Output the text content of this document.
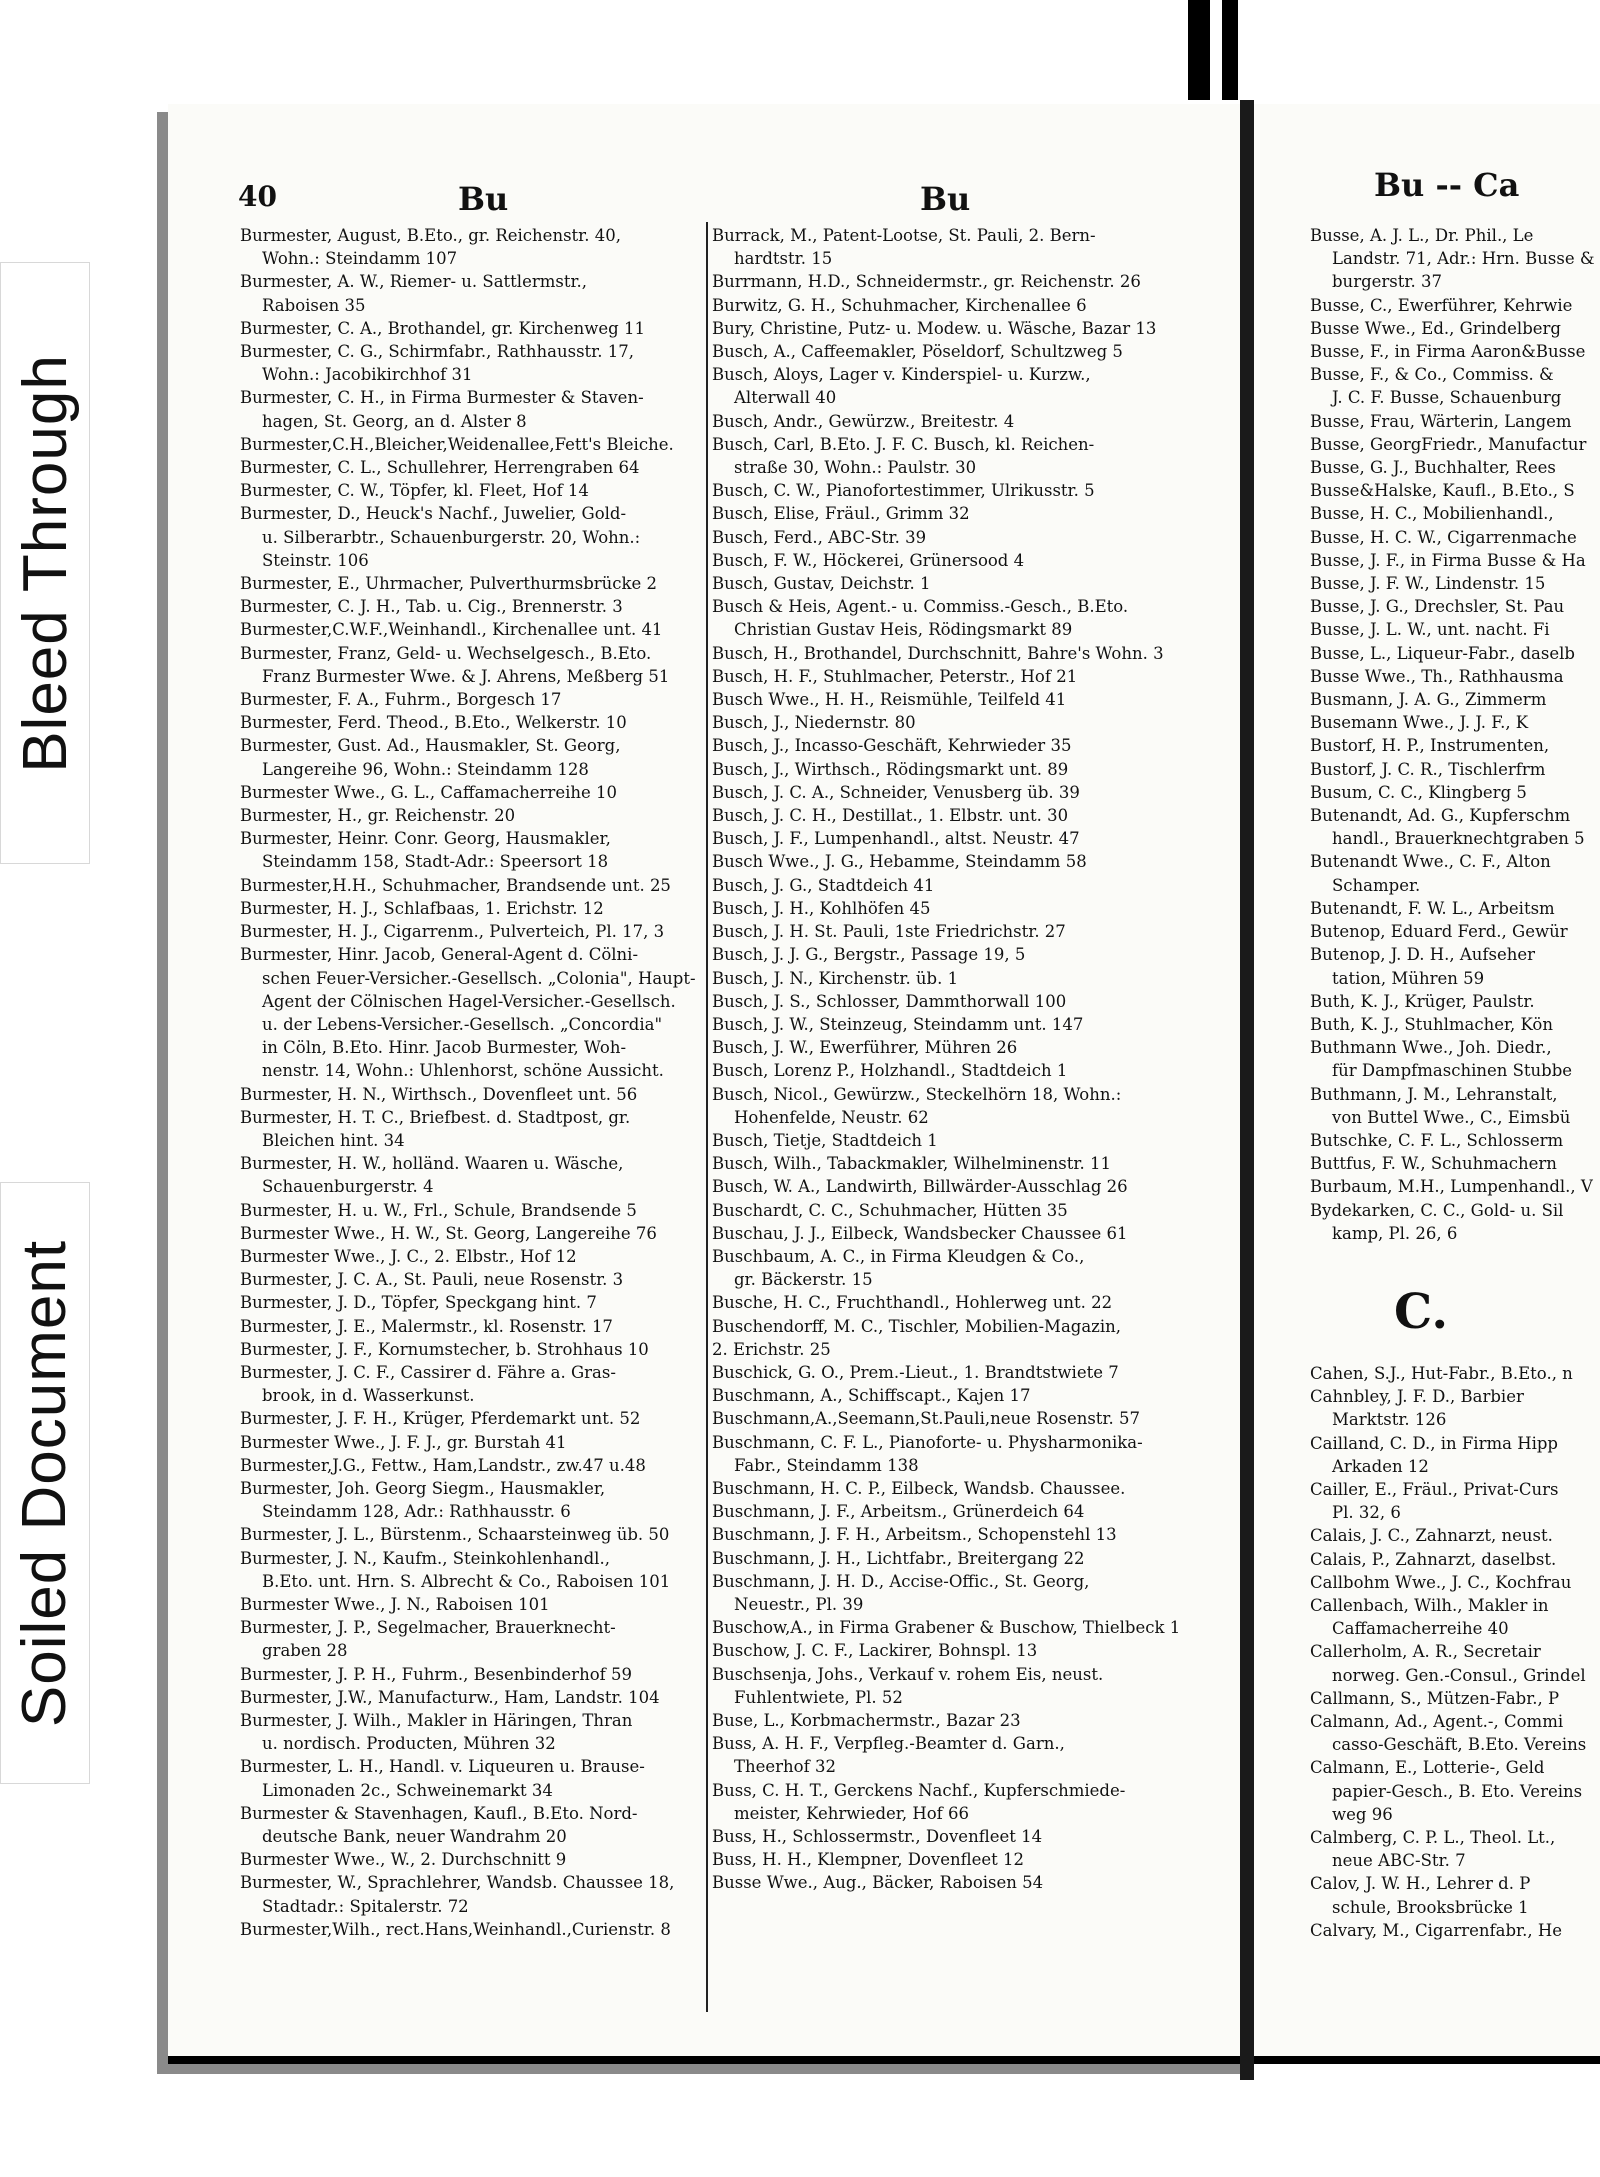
Bleed Through
Soiled Document
40	Bu	Bu
Burmester, August, B.Eto., gr. Reichenstr. 40,
Wohn.: Steindamm 107
Burmester, A. W., Riemer- u. Sattlermstr.,
Raboisen 35
Burmester, C. A., Brothandel, gr. Kirchenweg 11
Burmester, C. G., Schirmfabr., Rathhausstr. 17,
Wohn.: Jacobikirchhof 31
Burmester, C. H., in Firma Burmester & Staven-
hagen, St. Georg, an d. Alster 8
Burmester,C.H.,Bleicher,Weidenallee,Fett's Bleiche.
Burmester, C. L., Schullehrer, Herrengraben 64
Burmester, C. W., Töpfer, kl. Fleet, Hof 14
Burmester, D., Heuck's Nachf., Juwelier, Gold-
u. Silberarbtr., Schauenburgerstr. 20, Wohn.:
Steinstr. 106
Burmester, E., Uhrmacher, Pulverthurmsbrücke 2
Burmester, C. J. H., Tab. u. Cig., Brennerstr. 3
Burmester,C.W.F.,Weinhandl., Kirchenallee unt. 41
Burmester, Franz, Geld- u. Wechselgesch., B.Eto.
Franz Burmester Wwe. & J. Ahrens, Meßberg 51
Burmester, F. A., Fuhrm., Borgesch 17
Burmester, Ferd. Theod., B.Eto., Welkerstr. 10
Burmester, Gust. Ad., Hausmakler, St. Georg,
Langereihe 96, Wohn.: Steindamm 128
Burmester Wwe., G. L., Caffamacherreihe 10
Burmester, H., gr. Reichenstr. 20
Burmester, Heinr. Conr. Georg, Hausmakler,
Steindamm 158, Stadt-Adr.: Speersort 18
Burmester,H.H., Schuhmacher, Brandsende unt. 25
Burmester, H. J., Schlafbaas, 1. Erichstr. 12
Burmester, H. J., Cigarrenm., Pulverteich, Pl. 17, 3
Burmester, Hinr. Jacob, General-Agent d. Cölni-
schen Feuer-Versicher.-Gesellsch. „Colonia", Haupt-
Agent der Cölnischen Hagel-Versicher.-Gesellsch.
u. der Lebens-Versicher.-Gesellsch. „Concordia"
in Cöln, B.Eto. Hinr. Jacob Burmester, Woh-
nenstr. 14, Wohn.: Uhlenhorst, schöne Aussicht.
Burmester, H. N., Wirthsch., Dovenfleet unt. 56
Burmester, H. T. C., Briefbest. d. Stadtpost, gr.
Bleichen hint. 34
Burmester, H. W., holländ. Waaren u. Wäsche,
Schauenburgerstr. 4
Burmester, H. u. W., Frl., Schule, Brandsende 5
Burmester Wwe., H. W., St. Georg, Langereihe 76
Burmester Wwe., J. C., 2. Elbstr., Hof 12
Burmester, J. C. A., St. Pauli, neue Rosenstr. 3
Burmester, J. D., Töpfer, Speckgang hint. 7
Burmester, J. E., Malermstr., kl. Rosenstr. 17
Burmester, J. F., Kornumstecher, b. Strohhaus 10
Burmester, J. C. F., Cassirer d. Fähre a. Gras-
brook, in d. Wasserkunst.
Burmester, J. F. H., Krüger, Pferdemarkt unt. 52
Burmester Wwe., J. F. J., gr. Burstah 41
Burmester,J.G., Fettw., Ham,Landstr., zw.47 u.48
Burmester, Joh. Georg Siegm., Hausmakler,
Steindamm 128, Adr.: Rathhausstr. 6
Burmester, J. L., Bürstenm., Schaarsteinweg üb. 50
Burmester, J. N., Kaufm., Steinkohlenhandl.,
B.Eto. unt. Hrn. S. Albrecht & Co., Raboisen 101
Burmester Wwe., J. N., Raboisen 101
Burmester, J. P., Segelmacher, Brauerknecht-
graben 28
Burmester, J. P. H., Fuhrm., Besenbinderhof 59
Burmester, J.W., Manufacturw., Ham, Landstr. 104
Burmester, J. Wilh., Makler in Häringen, Thran
u. nordisch. Producten, Mühren 32
Burmester, L. H., Handl. v. Liqueuren u. Brause-
Limonaden 2c., Schweinemarkt 34
Burmester & Stavenhagen, Kaufl., B.Eto. Nord-
deutsche Bank, neuer Wandrahm 20
Burmester Wwe., W., 2. Durchschnitt 9
Burmester, W., Sprachlehrer, Wandsb. Chaussee 18,
Stadtadr.: Spitalerstr. 72
Burmester,Wilh., rect.Hans,Weinhandl.,Curienstr. 8
Burrack, M., Patent-Lootse, St. Pauli, 2. Bern-
hardtstr. 15
Burrmann, H.D., Schneidermstr., gr. Reichenstr. 26
Burwitz, G. H., Schuhmacher, Kirchenallee 6
Bury, Christine, Putz- u. Modew. u. Wäsche, Bazar 13
Busch, A., Caffeemakler, Pöseldorf, Schultzweg 5
Busch, Aloys, Lager v. Kinderspiel- u. Kurzw.,
Alterwall 40
Busch, Andr., Gewürzw., Breitestr. 4
Busch, Carl, B.Eto. J. F. C. Busch, kl. Reichen-
straße 30, Wohn.: Paulstr. 30
Busch, C. W., Pianofortestimmer, Ulrikusstr. 5
Busch, Elise, Fräul., Grimm 32
Busch, Ferd., ABC-Str. 39
Busch, F. W., Höckerei, Grünersood 4
Busch, Gustav, Deichstr. 1
Busch & Heis, Agent.- u. Commiss.-Gesch., B.Eto.
Christian Gustav Heis, Rödingsmarkt 89
Busch, H., Brothandel, Durchschnitt, Bahre's Wohn. 3
Busch, H. F., Stuhlmacher, Peterstr., Hof 21
Busch Wwe., H. H., Reismühle, Teilfeld 41
Busch, J., Niedernstr. 80
Busch, J., Incasso-Geschäft, Kehrwieder 35
Busch, J., Wirthsch., Rödingsmarkt unt. 89
Busch, J. C. A., Schneider, Venusberg üb. 39
Busch, J. C. H., Destillat., 1. Elbstr. unt. 30
Busch, J. F., Lumpenhandl., altst. Neustr. 47
Busch Wwe., J. G., Hebamme, Steindamm 58
Busch, J. G., Stadtdeich 41
Busch, J. H., Kohlhöfen 45
Busch, J. H. St. Pauli, 1ste Friedrichstr. 27
Busch, J. J. G., Bergstr., Passage 19, 5
Busch, J. N., Kirchenstr. üb. 1
Busch, J. S., Schlosser, Dammthorwall 100
Busch, J. W., Steinzeug, Steindamm unt. 147
Busch, J. W., Ewerführer, Mühren 26
Busch, Lorenz P., Holzhandl., Stadtdeich 1
Busch, Nicol., Gewürzw., Steckelhörn 18, Wohn.:
Hohenfelde, Neustr. 62
Busch, Tietje, Stadtdeich 1
Busch, Wilh., Tabackmakler, Wilhelminenstr. 11
Busch, W. A., Landwirth, Billwärder-Ausschlag 26
Buschardt, C. C., Schuhmacher, Hütten 35
Buschau, J. J., Eilbeck, Wandsbecker Chaussee 61
Buschbaum, A. C., in Firma Kleudgen & Co.,
gr. Bäckerstr. 15
Busche, H. C., Fruchthandl., Hohlerweg unt. 22
Buschendorff, M. C., Tischler, Mobilien-Magazin,
2. Erichstr. 25
Buschick, G. O., Prem.-Lieut., 1. Brandtstwiete 7
Buschmann, A., Schiffscapt., Kajen 17
Buschmann,A.,Seemann,St.Pauli,neue Rosenstr. 57
Buschmann, C. F. L., Pianoforte- u. Physharmonika-
Fabr., Steindamm 138
Buschmann, H. C. P., Eilbeck, Wandsb. Chaussee.
Buschmann, J. F., Arbeitsm., Grünerdeich 64
Buschmann, J. F. H., Arbeitsm., Schopenstehl 13
Buschmann, J. H., Lichtfabr., Breitergang 22
Buschmann, J. H. D., Accise-Offic., St. Georg,
Neuestr., Pl. 39
Buschow,A., in Firma Grabener & Buschow, Thielbeck 1
Buschow, J. C. F., Lackirer, Bohnspl. 13
Buschsenja, Johs., Verkauf v. rohem Eis, neust.
Fuhlentwiete, Pl. 52
Buse, L., Korbmachermstr., Bazar 23
Buss, A. H. F., Verpfleg.-Beamter d. Garn.,
Theerhof 32
Buss, C. H. T., Gerckens Nachf., Kupferschmiede-
meister, Kehrwieder, Hof 66
Buss, H., Schlossermstr., Dovenfleet 14
Buss, H. H., Klempner, Dovenfleet 12
Busse Wwe., Aug., Bäcker, Raboisen 54
Bu -- Ca
Busse, A. J. L., Dr. Phil., Le
Landstr. 71, Adr.: Hrn. Busse &
burgerstr. 37
Busse, C., Ewerführer, Kehrwie
Busse Wwe., Ed., Grindelberg
Busse, F., in Firma Aaron&Busse
Busse, F., & Co., Commiss. &
J. C. F. Busse, Schauenburg
Busse, Frau, Wärterin, Langem
Busse, GeorgFriedr., Manufactur
Busse, G. J., Buchhalter, Rees
Busse&Halske, Kaufl., B.Eto., S
Busse, H. C., Mobilienhandl.,
Busse, H. C. W., Cigarrenmache
Busse, J. F., in Firma Busse & Ha
Busse, J. F. W., Lindenstr. 15
Busse, J. G., Drechsler, St. Pau
Busse, J. L. W., unt. nacht. Fi
Busse, L., Liqueur-Fabr., daselb
Busse Wwe., Th., Rathhausma
Busmann, J. A. G., Zimmerm
Busemann Wwe., J. J. F., K
Bustorf, H. P., Instrumenten,
Bustorf, J. C. R., Tischlerfrm
Busum, C. C., Klingberg 5
Butenandt, Ad. G., Kupferschm
handl., Brauerknechtgraben 5
Butenandt Wwe., C. F., Alton
Schamper.
Butenandt, F. W. L., Arbeitsm
Butenop, Eduard Ferd., Gewür
Butenop, J. D. H., Aufseher
tation, Mühren 59
Buth, K. J., Krüger, Paulstr.
Buth, K. J., Stuhlmacher, Kön
Buthmann Wwe., Joh. Diedr.,
für Dampfmaschinen Stubbe
Buthmann, J. M., Lehranstalt,
von Buttel Wwe., C., Eimsbü
Butschke, C. F. L., Schlosserm
Buttfus, F. W., Schuhmachern
Burbaum, M.H., Lumpenhandl., V
Bydekarken, C. C., Gold- u. Sil
kamp, Pl. 26, 6
C.
Cahen, S.J., Hut-Fabr., B.Eto., n
Cahnbley, J. F. D., Barbier
Marktstr. 126
Cailland, C. D., in Firma Hipp
Arkaden 12
Cailler, E., Fräul., Privat-Curs
Pl. 32, 6
Calais, J. C., Zahnarzt, neust.
Calais, P., Zahnarzt, daselbst.
Callbohm Wwe., J. C., Kochfrau
Callenbach, Wilh., Makler in
Caffamacherreihe 40
Callerholm, A. R., Secretair
norweg. Gen.-Consul., Grindel
Callmann, S., Mützen-Fabr., P
Calmann, Ad., Agent.-, Commi
casso-Geschäft, B.Eto. Vereins
Calmann, E., Lotterie-, Geld
papier-Gesch., B. Eto. Vereins
weg 96
Calmberg, C. P. L., Theol. Lt.,
neue ABC-Str. 7
Calov, J. W. H., Lehrer d. P
schule, Brooksbrücke 1
Calvary, M., Cigarrenfabr., He
